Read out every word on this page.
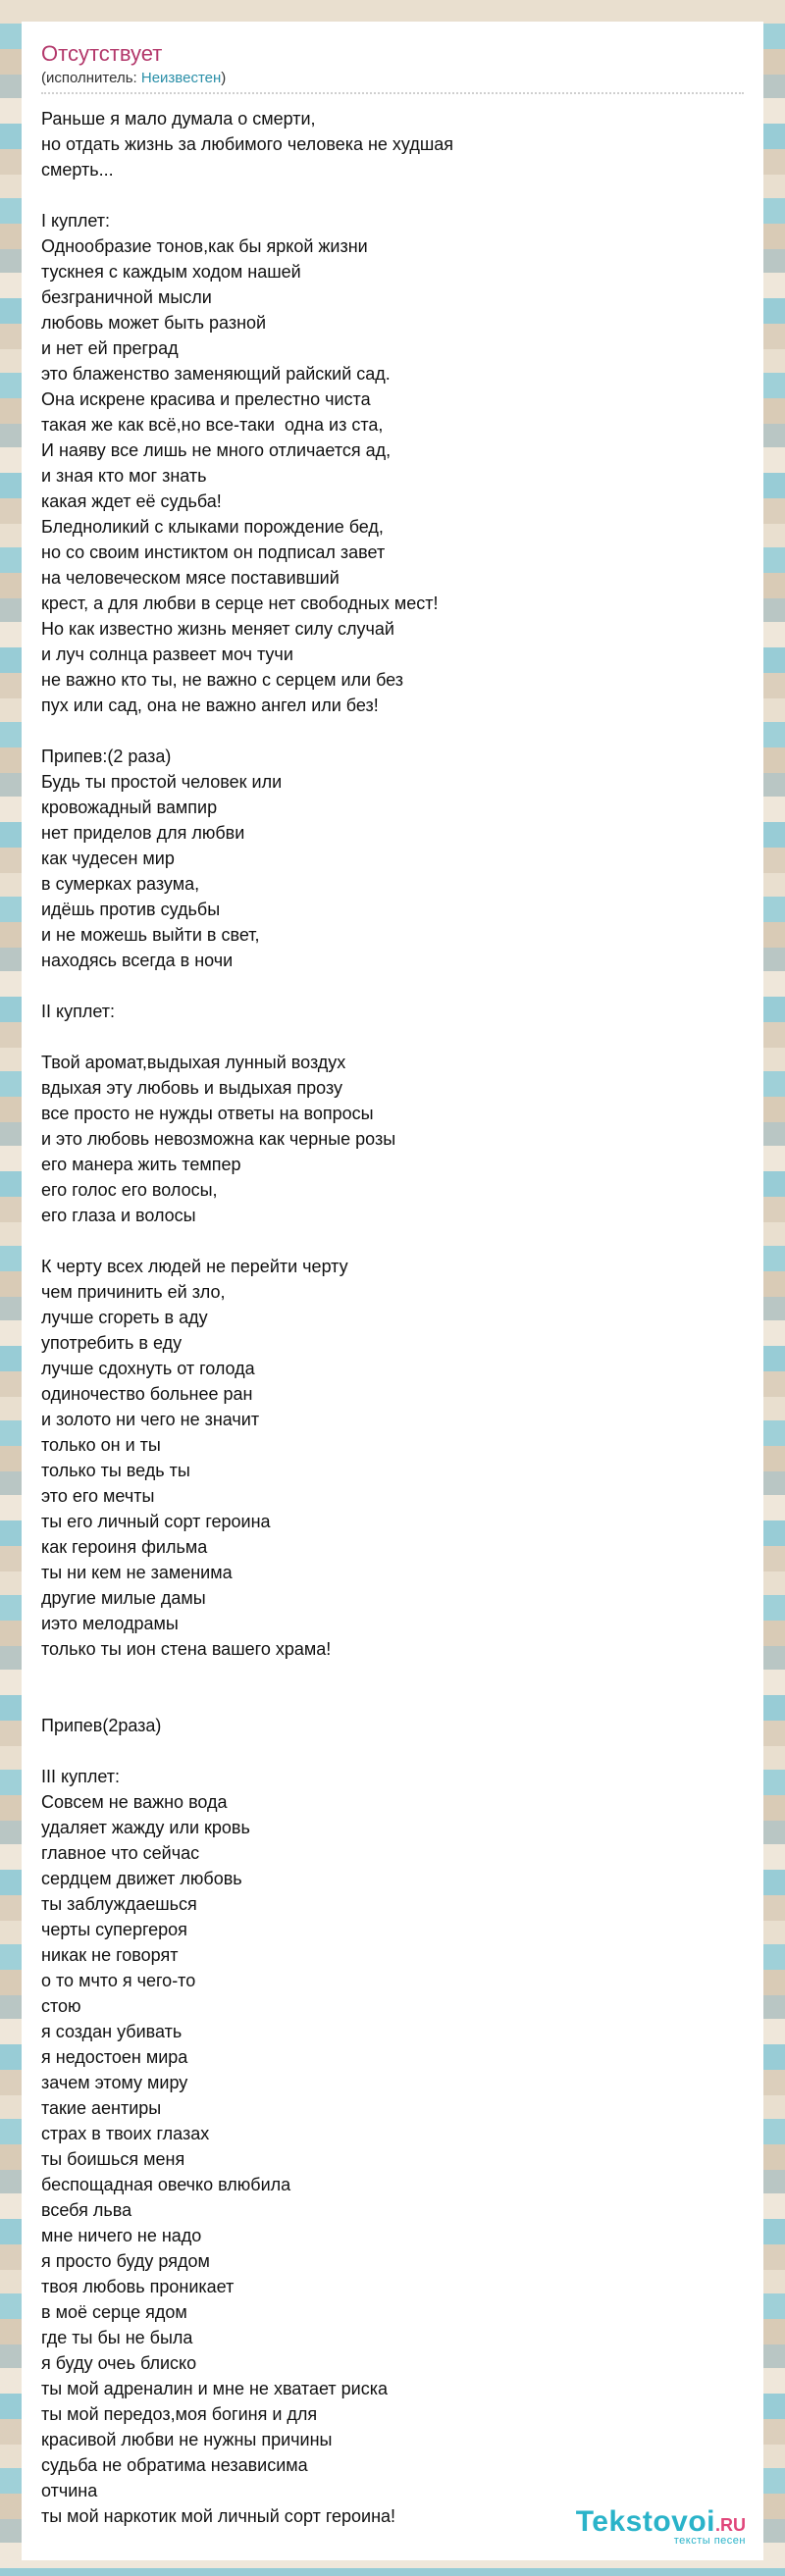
Отсутствует
(исполнитель: Неизвестен)
Раньше я мало думала о смерти,
но отдать жизнь за любимого человека не худшая
смерть...
I куплет:
Однообразие тонов,как бы яркой жизни
тускнея с каждым ходом нашей
безграничной мысли
любовь может быть разной
и нет ей преград
это блаженство заменяющий райский сад.
Она искрене красива и прелестно чиста
такая же как всё,но все-таки  одна из ста,
И наяву все лишь не много отличается ад,
и зная кто мог знать
какая ждет её судьба!
Бледноликий с клыками порождение бед,
но со своим инстиктом он подписал завет
на человеческом мясе поставивший
крест, а для любви в серце нет свободных мест!
Но как известно жизнь меняет силу случай
и луч солнца развеет моч тучи
не важно кто ты, не важно с серцем или без
пух или сад, она не важно ангел или без!
Припев:(2 раза)
Будь ты простой человек или
кровожадный вампир
нет приделов для любви
как чудесен мир
в сумерках разума,
идёшь против судьбы
и не можешь выйти в свет,
находясь всегда в ночи
II куплет:
Твой аромат,выдыхая лунный воздух
вдыхая эту любовь и выдыхая прозу
все просто не нужды ответы на вопросы
и это любовь невозможна как черные розы
его манера жить темпер
его голос его волосы,
его глаза и волосы
К черту всех людей не перейти черту
чем причинить ей зло,
лучше сгореть в аду
употребить в еду
лучше сдохнуть от голода
одиночество больнее ран
и золото ни чего не значит
только он и ты
только ты ведь ты
это его мечты
ты его личный сорт героина
как героиня фильма
ты ни кем не заменима
другие милые дамы
иэто мелодрамы
только ты ион стена вашего храма!
Припев(2раза)
III куплет:
Совсем не важно вода
удаляет жажду или кровь
главное что сейчас
сердцем движет любовь
ты заблуждаешься
черты супергероя
никак не говорят
о то мчто я чего-то
стою
я создан убивать
я недостоен мира
зачем этому миру
такие аентиры
страх в твоих глазах
ты боишься меня
беспощадная овечко влюбила
всебя льва
мне ничего не надо
я просто буду рядом
твоя любовь проникает
в моё серце ядом
где ты бы не была
я буду очеь блиско
ты мой адреналин и мне не хватает риска
ты мой передоз,моя богиня и для
красивой любви не нужны причины
судьба не обратима независима
отчина
ты мой наркотик мой личный сорт героина!	Tekstovoi.RU
тексты песен
